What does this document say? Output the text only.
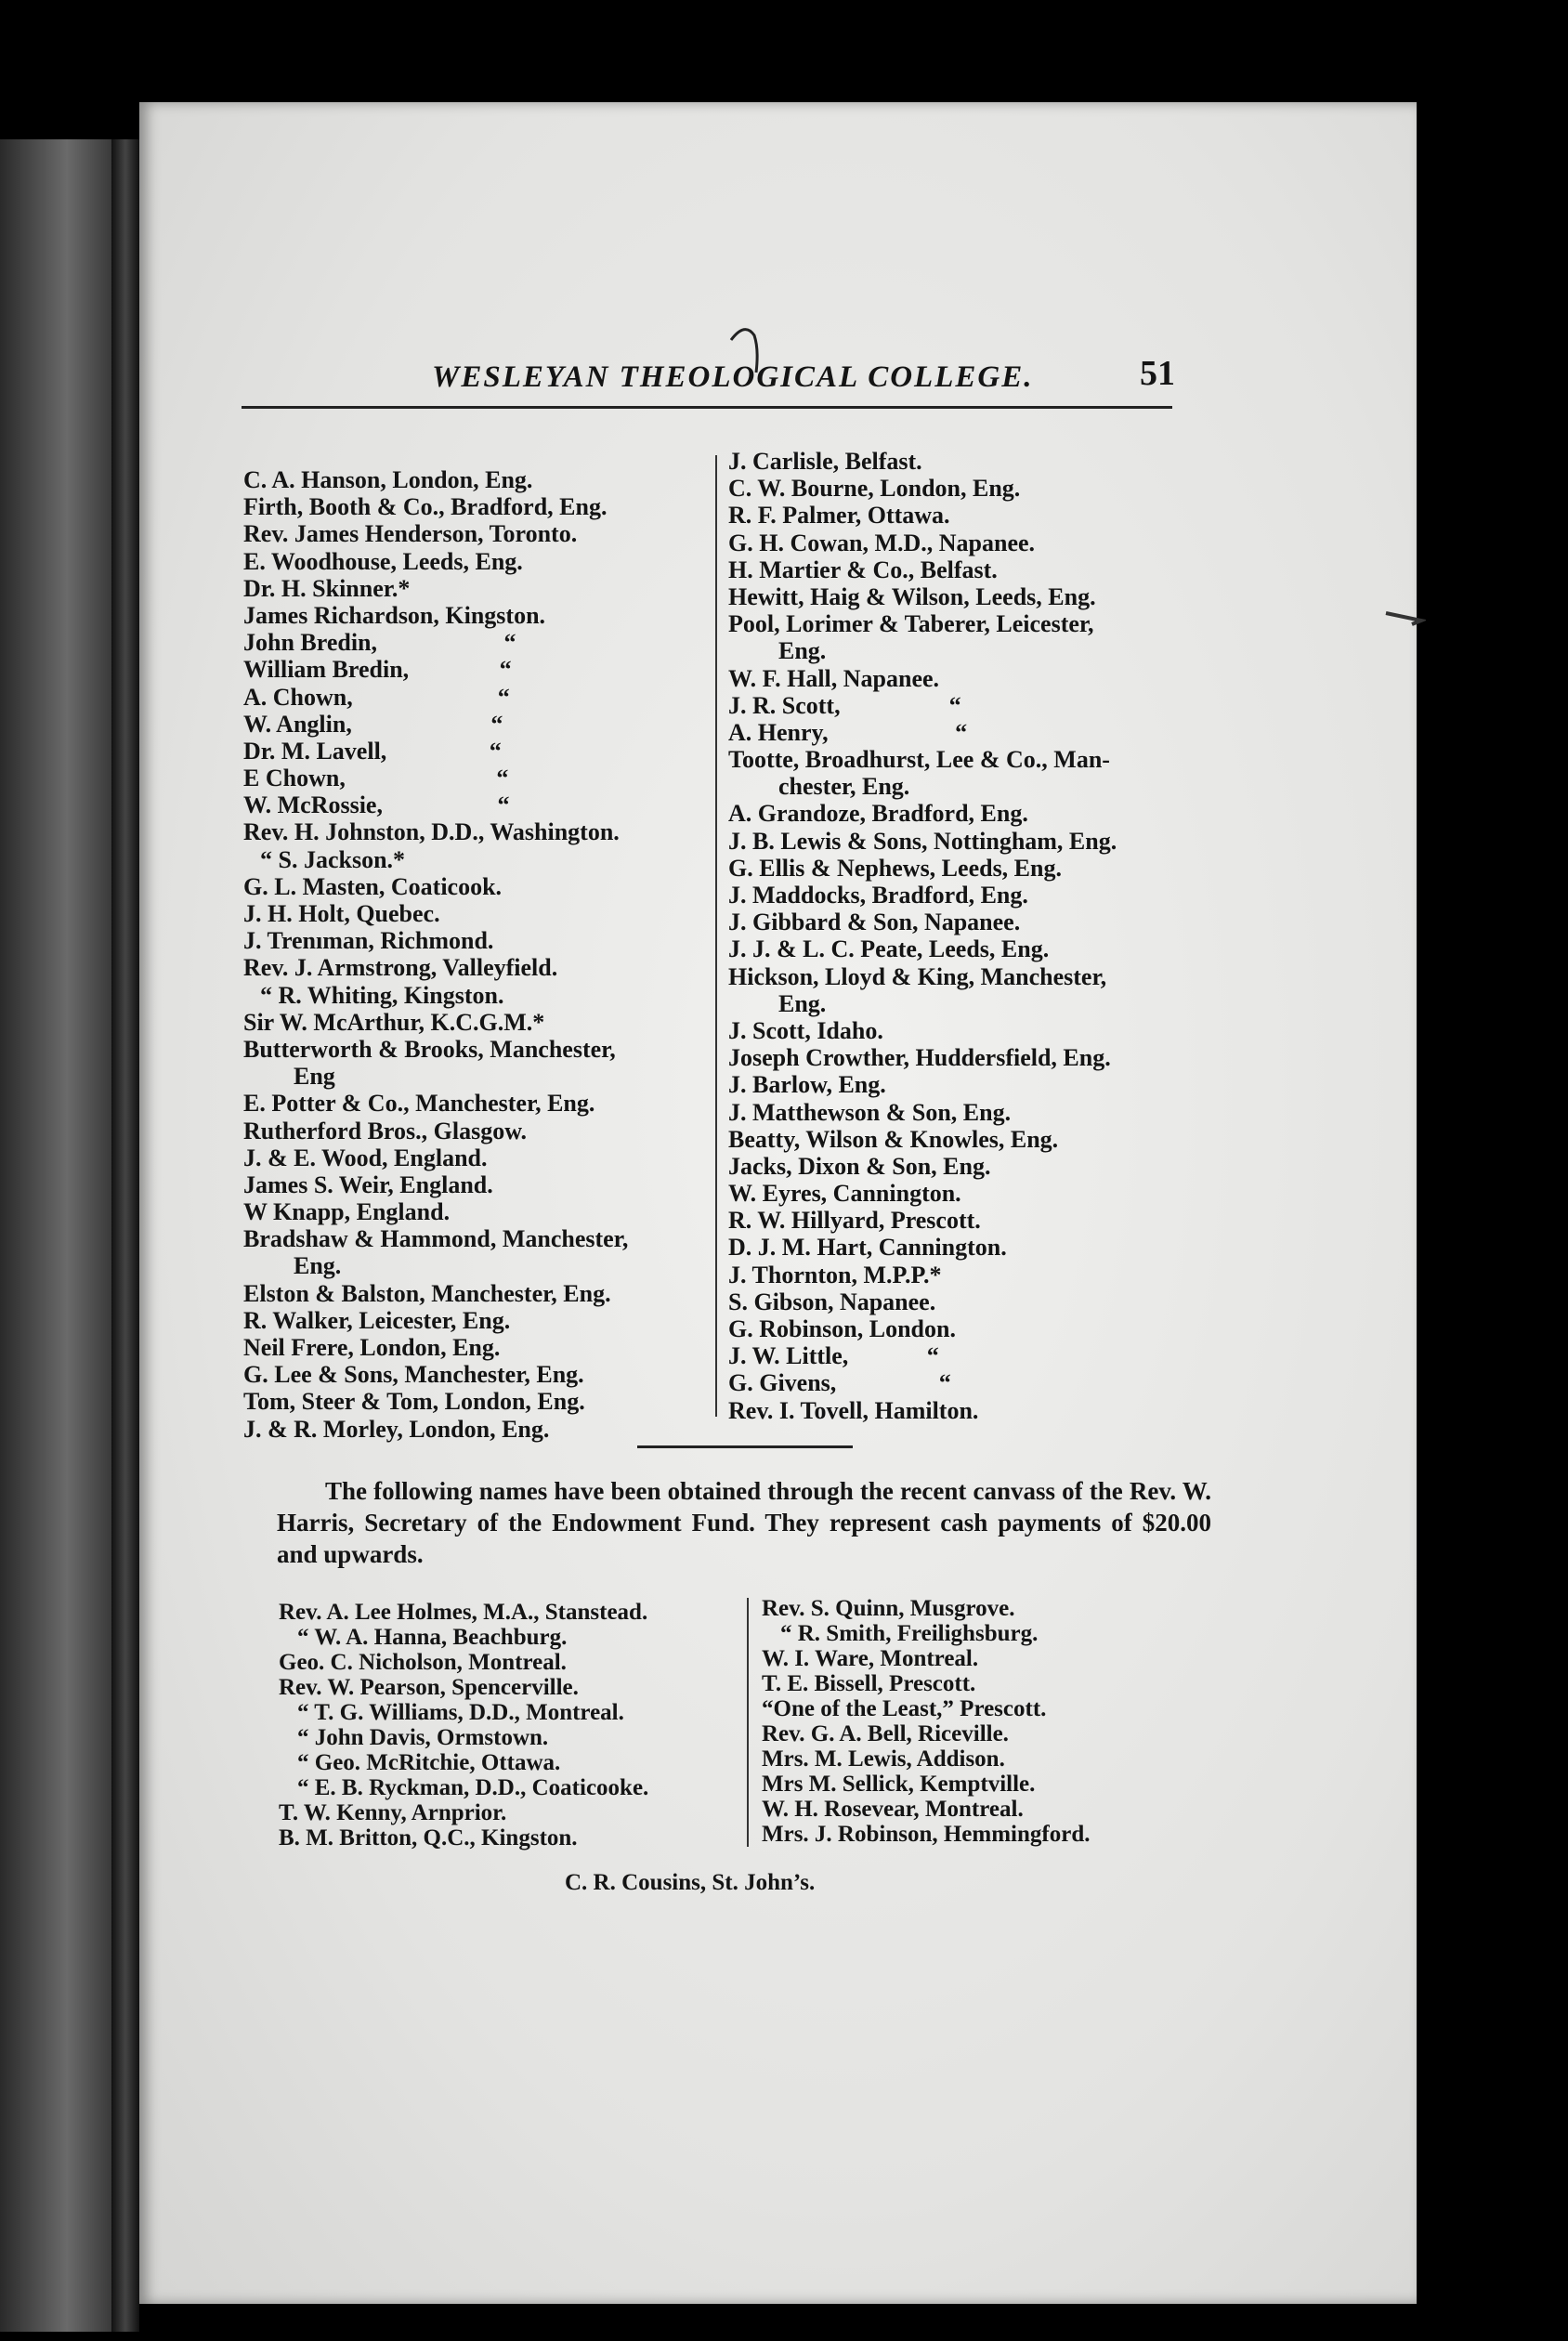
WESLEYAN THEOLOGICAL COLLEGE.	51
C. A. Hanson, London, Eng.
Firth, Booth & Co., Bradford, Eng.
Rev. James Henderson, Toronto.
E. Woodhouse, Leeds, Eng.
Dr. H. Skinner.*
James Richardson, Kingston.
John Bredin,                     “
William Bredin,               “
A. Chown,                        “
W. Anglin,                       “
Dr. M. Lavell,                 “
E Chown,                         “
W. McRossie,                   “
Rev. H. Johnston, D.D., Washington.
“ S. Jackson.*
G. L. Masten, Coaticook.
J. H. Holt, Quebec.
J. Trenıman, Richmond.
Rev. J. Armstrong, Valleyfield.
“ R. Whiting, Kingston.
Sir W. McArthur, K.C.G.M.*
Butterworth & Brooks, Manchester,
Eng
E. Potter & Co., Manchester, Eng.
Rutherford Bros., Glasgow.
J. & E. Wood, England.
James S. Weir, England.
W Knapp, England.
Bradshaw & Hammond, Manchester,
Eng.
Elston & Balston, Manchester, Eng.
R. Walker, Leicester, Eng.
Neil Frere, London, Eng.
G. Lee & Sons, Manchester, Eng.
Tom, Steer & Tom, London, Eng.
J. & R. Morley, London, Eng.
J. Carlisle, Belfast.
C. W. Bourne, London, Eng.
R. F. Palmer, Ottawa.
G. H. Cowan, M.D., Napanee.
H. Martier & Co., Belfast.
Hewitt, Haig & Wilson, Leeds, Eng.
Pool, Lorimer & Taberer, Leicester,
Eng.
W. F. Hall, Napanee.
J. R. Scott,                  “
A. Henry,                     “
Tootte, Broadhurst, Lee & Co., Man-
chester, Eng.
A. Grandoze, Bradford, Eng.
J. B. Lewis & Sons, Nottingham, Eng.
G. Ellis & Nephews, Leeds, Eng.
J. Maddocks, Bradford, Eng.
J. Gibbard & Son, Napanee.
J. J. & L. C. Peate, Leeds, Eng.
Hickson, Lloyd & King, Manchester,
Eng.
J. Scott, Idaho.
Joseph Crowther, Huddersfield, Eng.
J. Barlow, Eng.
J. Matthewson & Son, Eng.
Beatty, Wilson & Knowles, Eng.
Jacks, Dixon & Son, Eng.
W. Eyres, Cannington.
R. W. Hillyard, Prescott.
D. J. M. Hart, Cannington.
J. Thornton, M.P.P.*
S. Gibson, Napanee.
G. Robinson, London.
J. W. Little,             “
G. Givens,                 “
Rev. I. Tovell, Hamilton.
The following names have been obtained through the recent canvass of the Rev. W. Harris, Secretary of the Endowment Fund. They represent cash payments of $20.00 and upwards.
Rev. A. Lee Holmes, M.A., Stanstead.
“ W. A. Hanna, Beachburg.
Geo. C. Nicholson, Montreal.
Rev. W. Pearson, Spencerville.
“ T. G. Williams, D.D., Montreal.
“ John Davis, Ormstown.
“ Geo. McRitchie, Ottawa.
“ E. B. Ryckman, D.D., Coaticooke.
T. W. Kenny, Arnprior.
B. M. Britton, Q.C., Kingston.
Rev. S. Quinn, Musgrove.
“ R. Smith, Freilighsburg.
W. I. Ware, Montreal.
T. E. Bissell, Prescott.
“One of the Least,” Prescott.
Rev. G. A. Bell, Riceville.
Mrs. M. Lewis, Addison.
Mrs M. Sellick, Kemptville.
W. H. Rosevear, Montreal.
Mrs. J. Robinson, Hemmingford.
C. R. Cousins, St. John’s.
